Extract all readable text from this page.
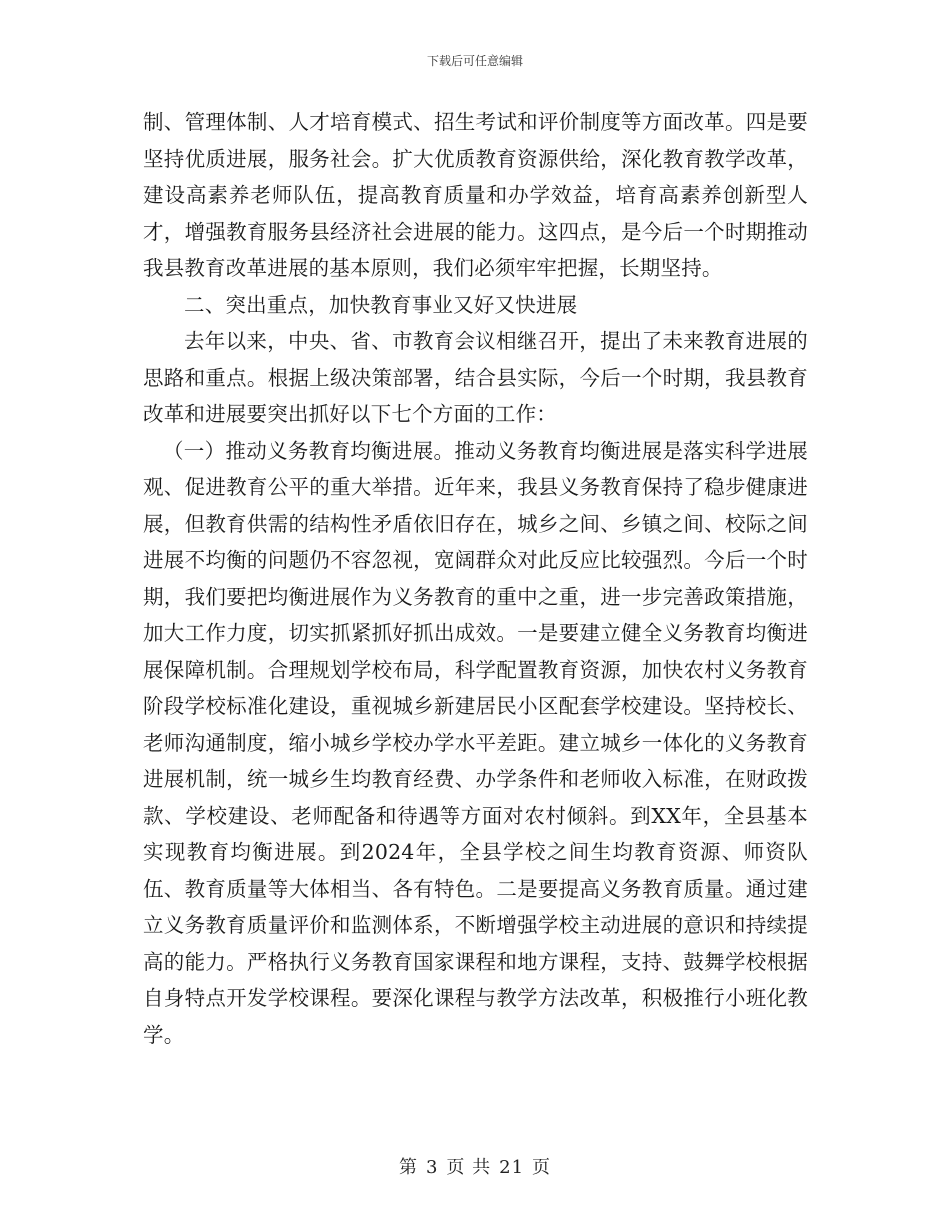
下载后可任意编辑

制、管理体制、人才培育模式、招生考试和评价制度等方面改革。四是要坚持优质进展，服务社会。扩大优质教育资源供给，深化教育教学改革，建设高素养老师队伍，提高教育质量和办学效益，培育高素养创新型人才，增强教育服务县经济社会进展的能力。这四点，是今后一个时期推动我县教育改革进展的基本原则，我们必须牢牢把握，长期坚持。

二、突出重点，加快教育事业又好又快进展

去年以来，中央、省、市教育会议相继召开，提出了未来教育进展的思路和重点。根据上级决策部署，结合县实际，今后一个时期，我县教育改革和进展要突出抓好以下七个方面的工作：

（一）推动义务教育均衡进展。推动义务教育均衡进展是落实科学进展观、促进教育公平的重大举措。近年来，我县义务教育保持了稳步健康进展，但教育供需的结构性矛盾依旧存在，城乡之间、乡镇之间、校际之间进展不均衡的问题仍不容忽视，宽阔群众对此反应比较强烈。今后一个时期，我们要把均衡进展作为义务教育的重中之重，进一步完善政策措施，加大工作力度，切实抓紧抓好抓出成效。一是要建立健全义务教育均衡进展保障机制。合理规划学校布局，科学配置教育资源，加快农村义务教育阶段学校标准化建设，重视城乡新建居民小区配套学校建设。坚持校长、老师沟通制度，缩小城乡学校办学水平差距。建立城乡一体化的义务教育进展机制，统一城乡生均教育经费、办学条件和老师收入标准，在财政拨款、学校建设、老师配备和待遇等方面对农村倾斜。到XX年，全县基本实现教育均衡进展。到2024年，全县学校之间生均教育资源、师资队伍、教育质量等大体相当、各有特色。二是要提高义务教育质量。通过建立义务教育质量评价和监测体系，不断增强学校主动进展的意识和持续提高的能力。严格执行义务教育国家课程和地方课程，支持、鼓舞学校根据自身特点开发学校课程。要深化课程与教学方法改革，积极推行小班化教学。

第 3 页 共 21 页
